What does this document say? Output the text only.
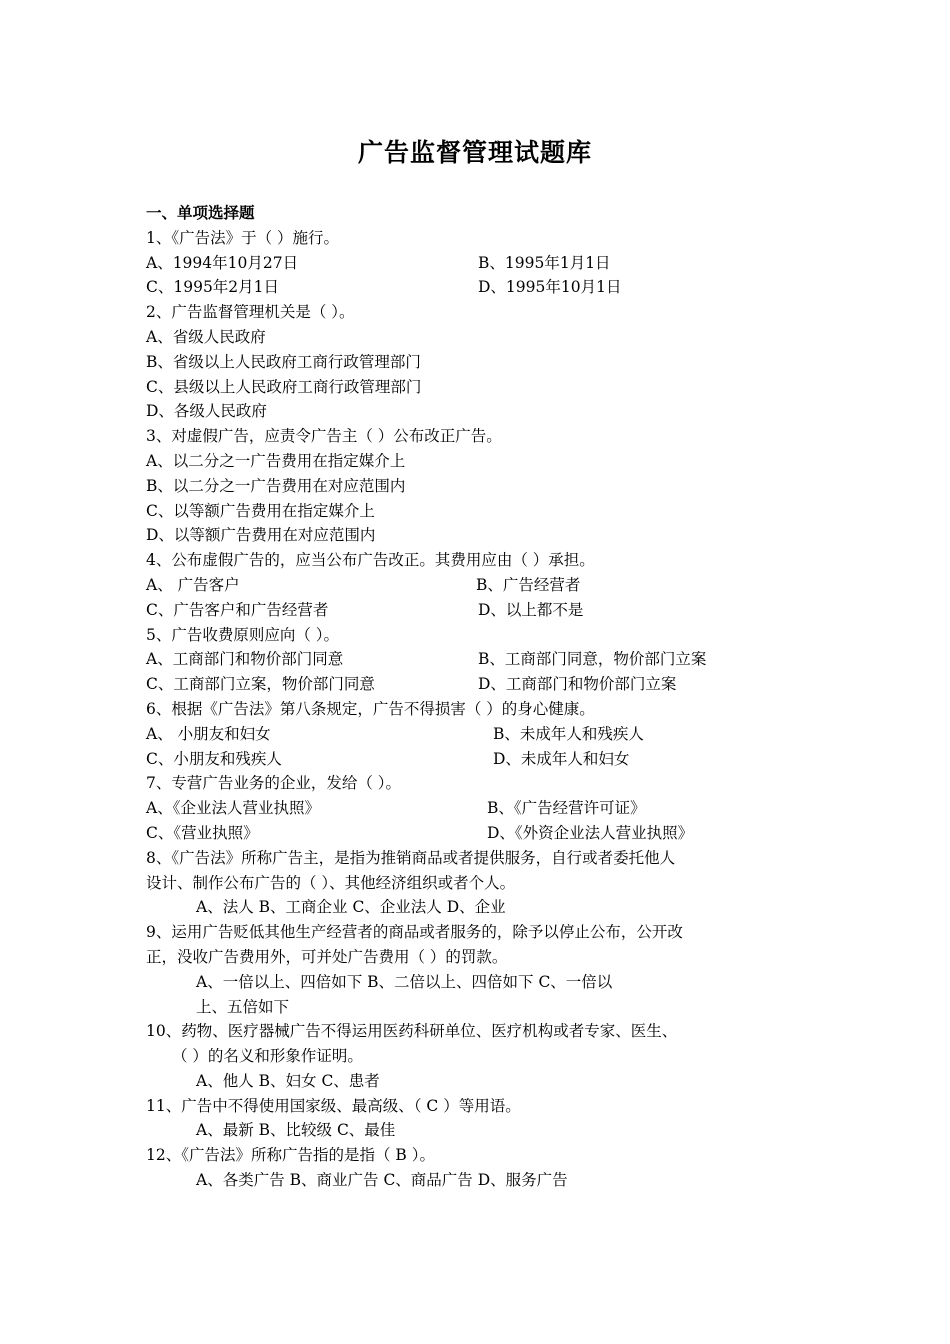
广告监督管理试题库
一、单项选择题
1、《广告法》于（ ）施行。
A、1994年10月27日	B、1995年1月1日
C、1995年2月1日	D、1995年10月1日
2、广告监督管理机关是（ ）。
A、省级人民政府
B、省级以上人民政府工商行政管理部门
C、县级以上人民政府工商行政管理部门
D、各级人民政府
3、对虚假广告，应责令广告主（ ）公布改正广告。
A、以二分之一广告费用在指定媒介上
B、以二分之一广告费用在对应范围内
C、以等额广告费用在指定媒介上
D、以等额广告费用在对应范围内
4、公布虚假广告的，应当公布广告改正。其费用应由（ ）承担。
A、 广告客户	B、广告经营者
C、广告客户和广告经营者	D、以上都不是
5、广告收费原则应向（ ）。
A、工商部门和物价部门同意	B、工商部门同意，物价部门立案
C、工商部门立案，物价部门同意	D、工商部门和物价部门立案
6、根据《广告法》第八条规定，广告不得损害（ ）的身心健康。
A、 小朋友和妇女	B、未成年人和残疾人
C、小朋友和残疾人	D、未成年人和妇女
7、专营广告业务的企业，发给（ ）。
A、《企业法人营业执照》	B、《广告经营许可证》
C、《营业执照》	D、《外资企业法人营业执照》
8、《广告法》所称广告主，是指为推销商品或者提供服务，自行或者委托他人
设计、制作公布广告的（ ）、其他经济组织或者个人。
A、法人 B、工商企业 C、企业法人 D、企业
9、运用广告贬低其他生产经营者的商品或者服务的，除予以停止公布，公开改
正，没收广告费用外，可并处广告费用（ ）的罚款。
A、一倍以上、四倍如下 B、二倍以上、四倍如下 C、一倍以
上、五倍如下
10、药物、医疗器械广告不得运用医药科研单位、医疗机构或者专家、医生、
（ ）的名义和形象作证明。
A、他人 B、妇女 C、患者
11、广告中不得使用国家级、最高级、（ C ）等用语。
A、最新 B、比较级 C、最佳
12、《广告法》所称广告指的是指（ B ）。
A、各类广告 B、商业广告 C、商品广告 D、服务广告
